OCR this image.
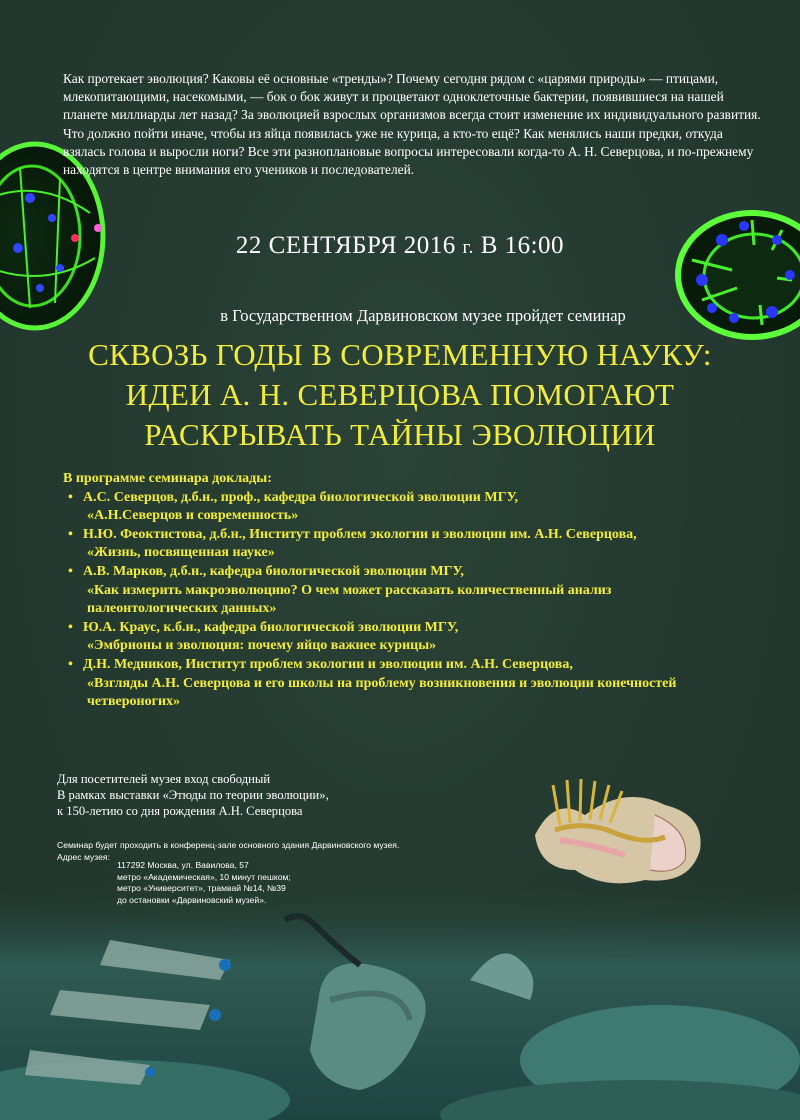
Как протекает эволюция? Каковы её основные «тренды»? Почему сегодня рядом с «царями природы» — птицами, млекопитающими, насекомыми, — бок о бок живут и процветают одноклеточные бактерии, появившиеся на нашей планете миллиарды лет назад? За эволюцией взрослых организмов всегда стоит изменение их индивидуального развития. Что должно пойти иначе, чтобы из яйца появилась уже не курица, а кто-то ещё? Как менялись наши предки, откуда взялась голова и выросли ноги? Все эти разноплановые вопросы интересовали когда-то А. Н. Северцова, и по-прежнему находятся в центре внимания его учеников и последователей.

22 СЕНТЯБРЯ 2016 г. В 16:00
в Государственном Дарвиновском музее пройдет семинар
СКВОЗЬ ГОДЫ В СОВРЕМЕННУЮ НАУКУ:
ИДЕИ А. Н. СЕВЕРЦОВА ПОМОГАЮТ
РАСКРЫВАТЬ ТАЙНЫ ЭВОЛЮЦИИ
В программе семинара доклады:
• А.С. Северцов, д.б.н., проф., кафедра биологической эволюции МГУ,
«А.Н.Северцов и современность»
• Н.Ю. Феоктистова, д.б.н., Институт проблем экологии и эволюции им. А.Н. Северцова,
«Жизнь, посвященная науке»
• А.В. Марков, д.б.н., кафедра биологической эволюции МГУ,
«Как измерить макроэволюцию? О чем может рассказать количественный анализ палеонтологических данных»
• Ю.А. Краус, к.б.н., кафедра биологической эволюции МГУ,
«Эмбрионы и эволюция: почему яйцо важнее курицы»
• Д.Н. Медников, Институт проблем экологии и эволюции им. А.Н. Северцова,
«Взгляды А.Н. Северцова и его школы на проблему возникновения и эволюции конечностей четвероногих»
Для посетителей музея вход свободный
В рамках выставки «Этюды по теории эволюции»,
к 150-летию со дня рождения А.Н. Северцова
Семинар будет проходить в конференц-зале основного здания Дарвиновского музея.
Адрес музея:
117292 Москва, ул. Вавилова, 57
метро «Академическая», 10 минут пешком;
метро «Университет», трамвай №14, №39
до остановки «Дарвиновский музей».
